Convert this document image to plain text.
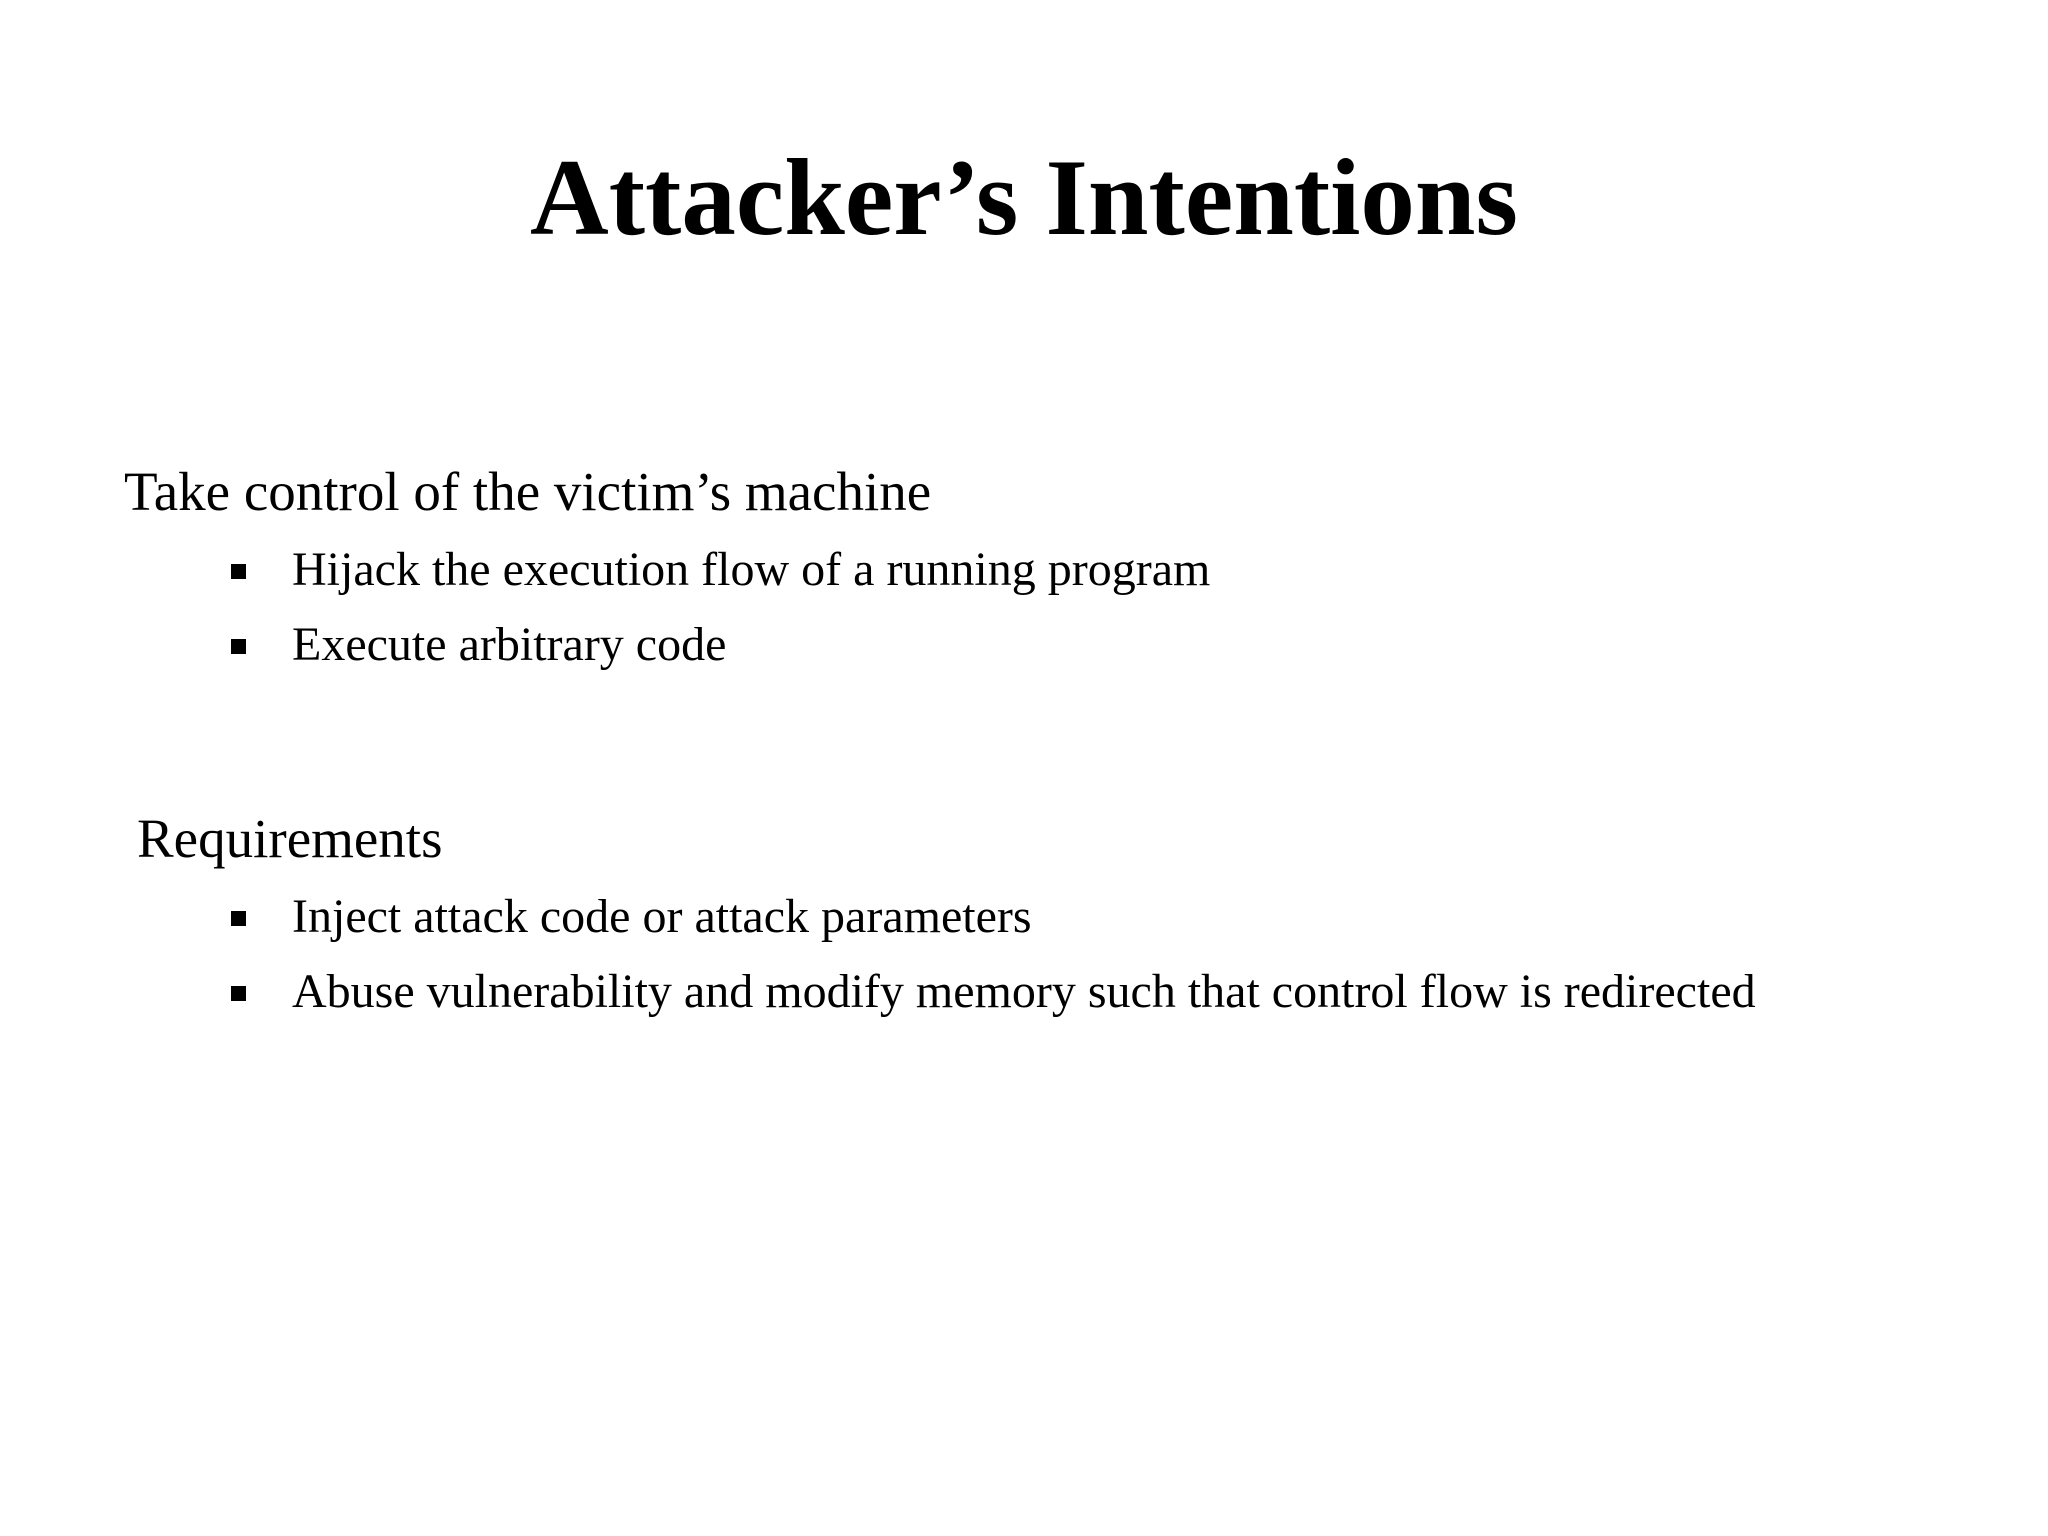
Attacker’s Intentions
Take control of the victim’s machine
Hijack the execution flow of a running program
Execute arbitrary code
Requirements
Inject attack code or attack parameters
Abuse vulnerability and modify memory such that control flow is redirected
